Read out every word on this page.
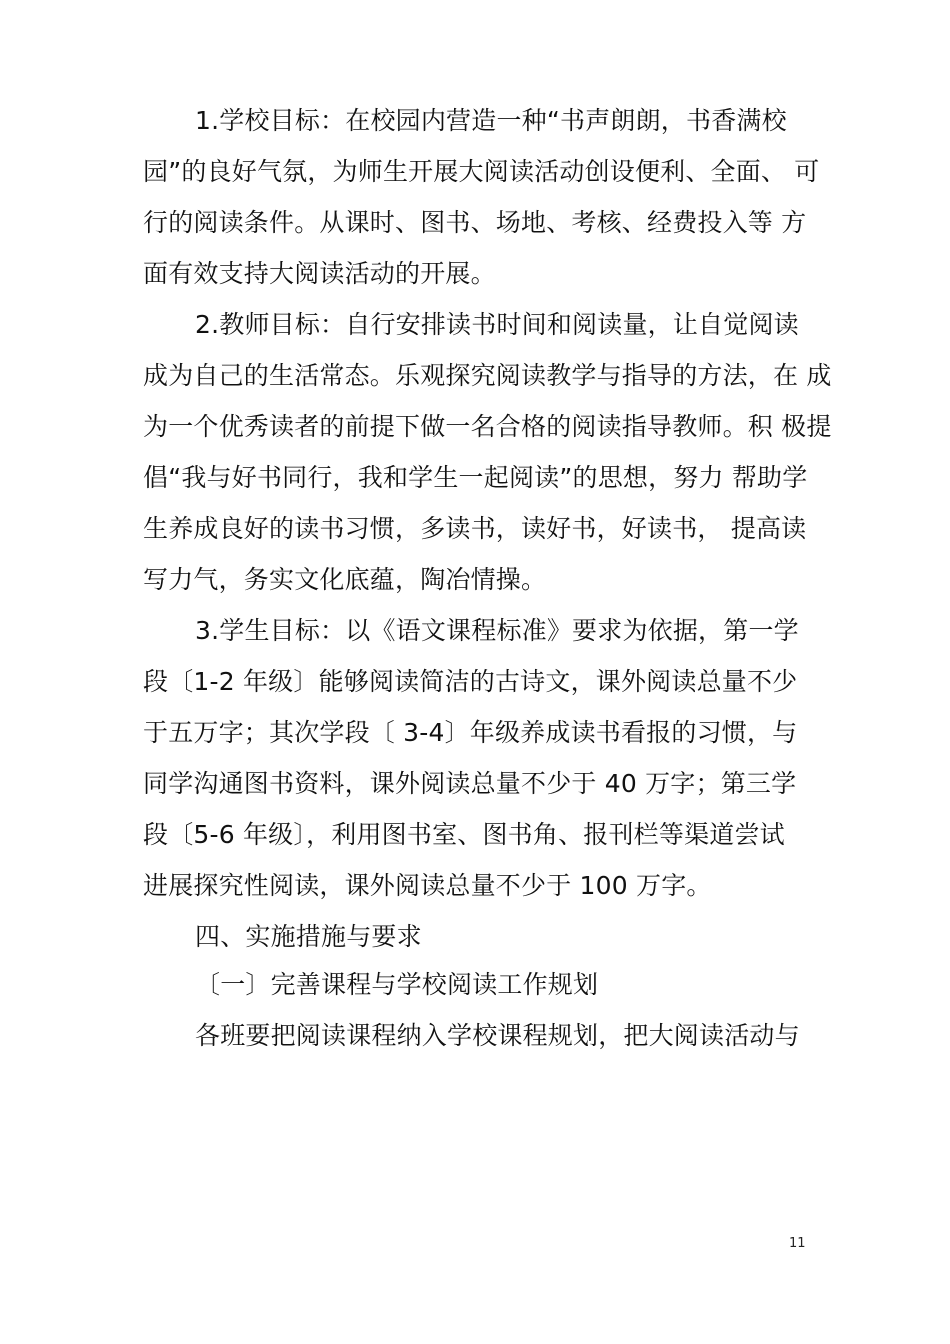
1.学校目标：在校园内营造一种“书声朗朗，书香满校
园”的良好气氛，为师生开展大阅读活动创设便利、全面、 可
行的阅读条件。从课时、图书、场地、考核、经费投入等 方
面有效支持大阅读活动的开展。
2.教师目标：自行安排读书时间和阅读量，让自觉阅读
成为自己的生活常态。乐观探究阅读教学与指导的方法，在 成
为一个优秀读者的前提下做一名合格的阅读指导教师。积 极提
倡“我与好书同行，我和学生一起阅读”的思想，努力 帮助学
生养成良好的读书习惯，多读书，读好书，好读书， 提高读
写力气，务实文化底蕴，陶冶情操。
3.学生目标：以《语文课程标准》要求为依据，第一学
段〔1-2 年级〕能够阅读简洁的古诗文，课外阅读总量不少
于五万字；其次学段〔 3-4〕年级养成读书看报的习惯，与
同学沟通图书资料，课外阅读总量不少于 40 万字；第三学
段〔5-6 年级〕，利用图书室、图书角、报刊栏等渠道尝试
进展探究性阅读，课外阅读总量不少于 100 万字。
四、实施措施与要求
〔一〕完善课程与学校阅读工作规划
各班要把阅读课程纳入学校课程规划，把大阅读活动与
11
